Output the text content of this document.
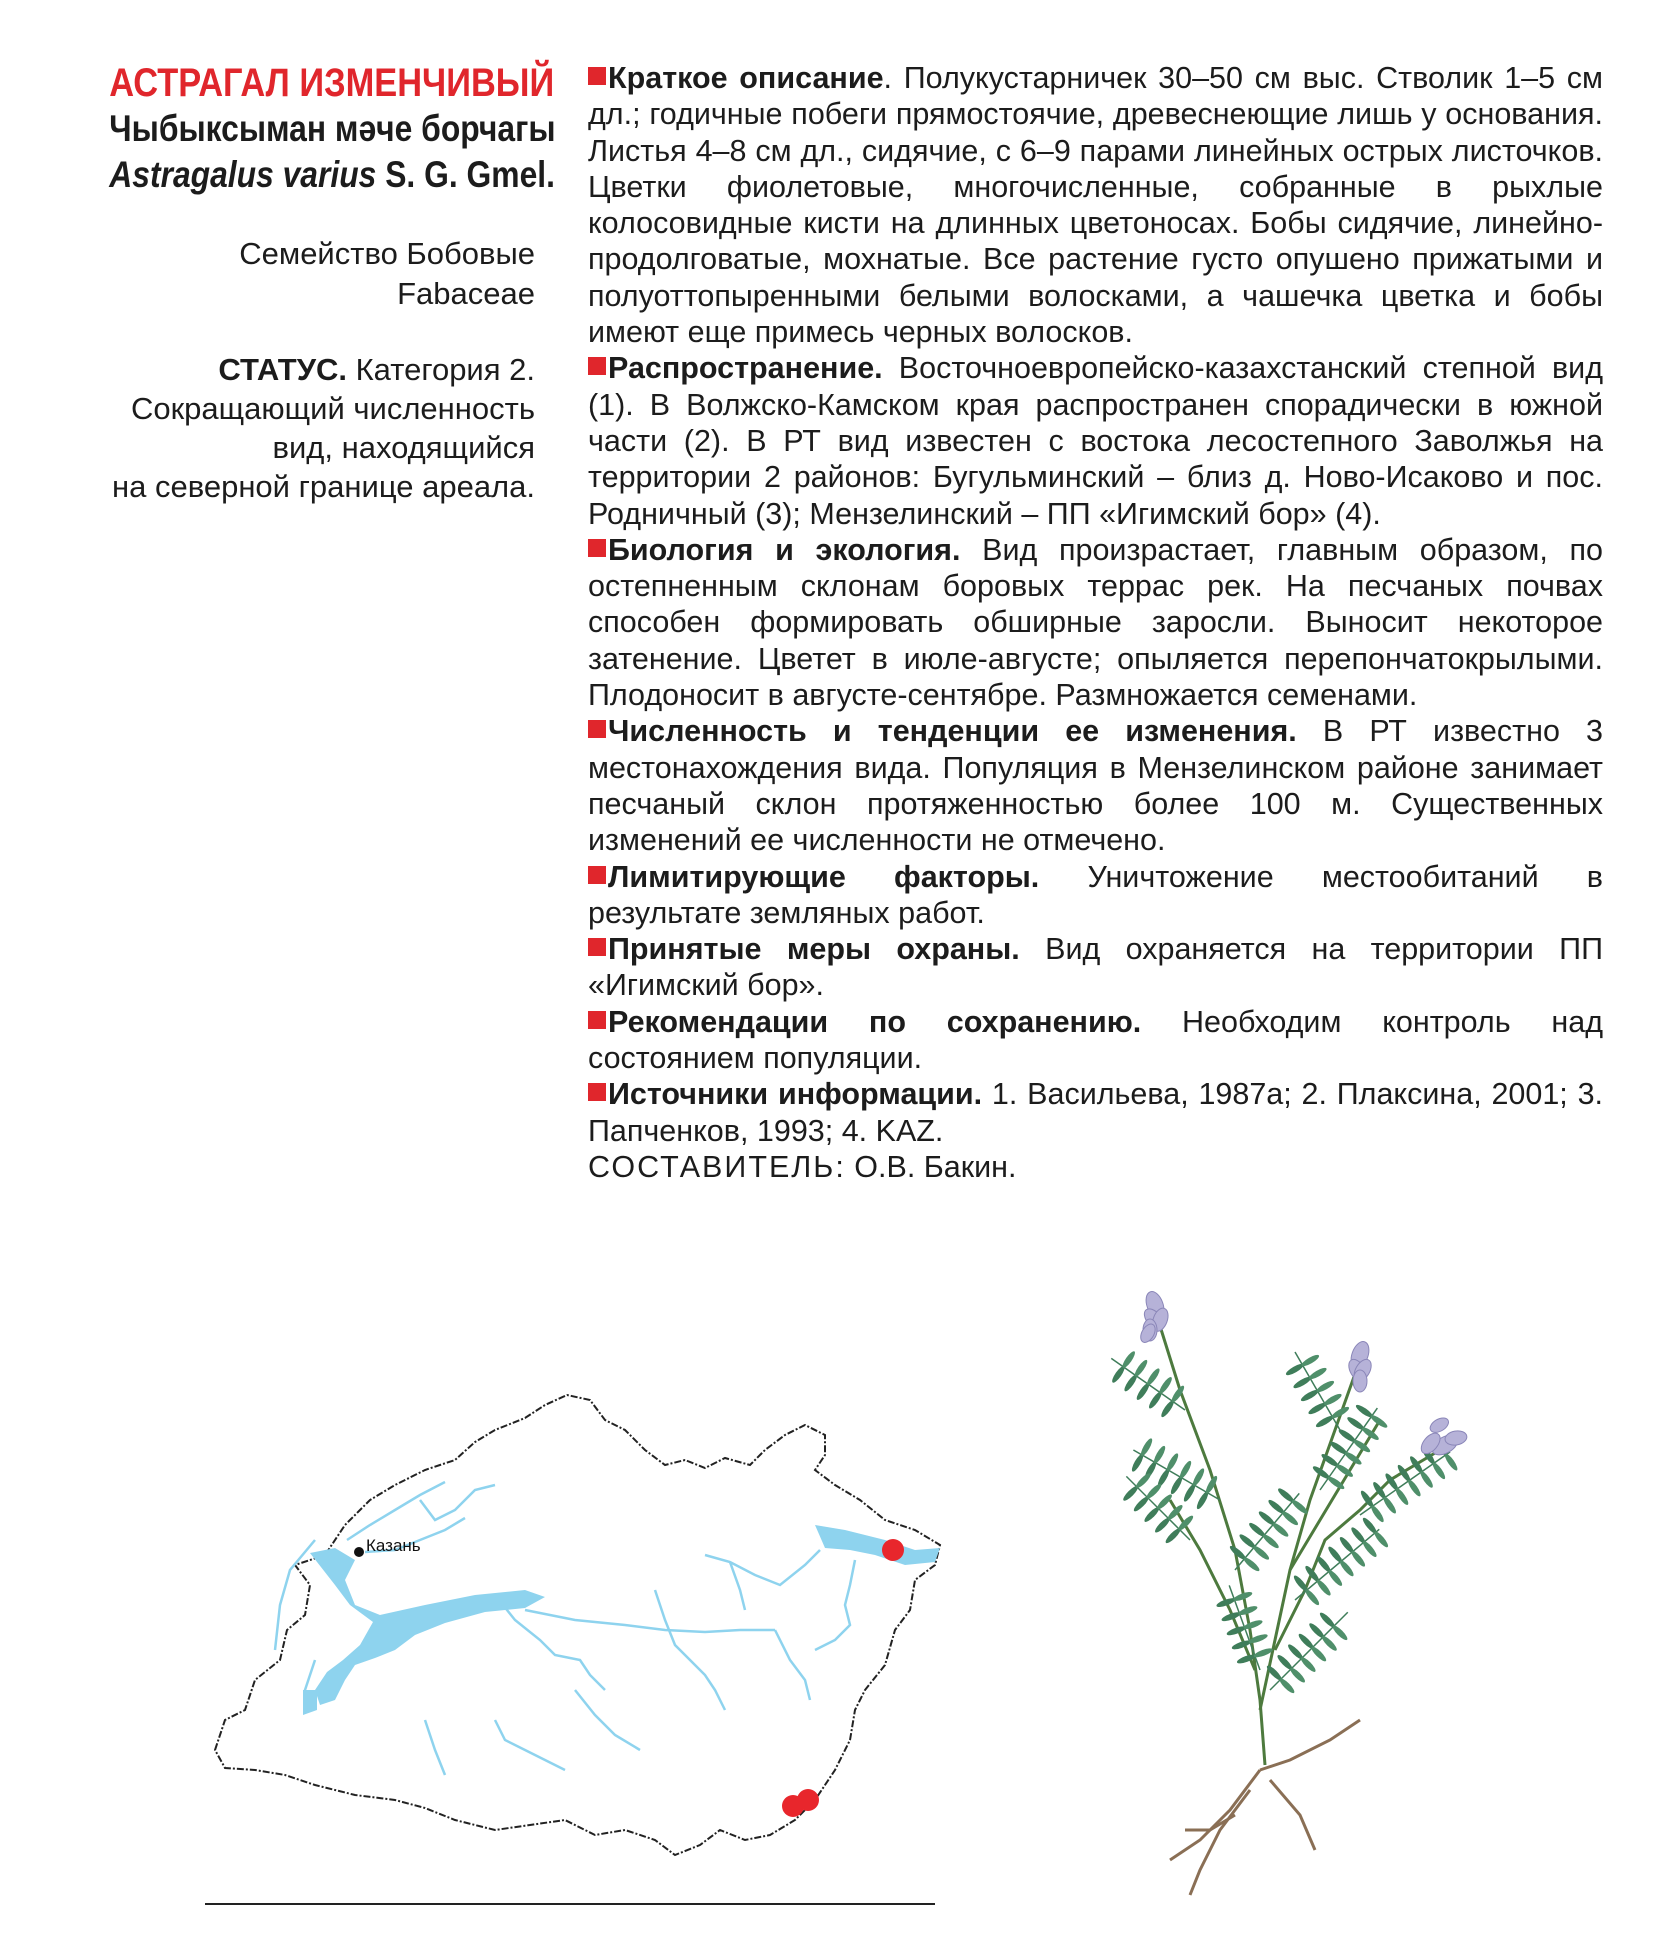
АСТРАГАЛ ИЗМЕНЧИВЫЙ
Чыбыксыман мәче борчагы
Astragalus varius S. G. Gmel.
Семейство Бобовые
Fabaceae
СТАТУС. Категория 2.
Сокращающий численность
вид, находящийся
на северной границе ареала.

Краткое описание. Полукустарничек 30–50 см выс. Стволик 1–5 см дл.; годичные побеги прямостоячие, древеснеющие лишь у основания. Листья 4–8 см дл., сидячие, с 6–9 парами линейных острых листочков. Цветки фиолетовые, многочисленные, собранные в рыхлые колосовидные кисти на длинных цветоносах. Бобы сидячие, линейно-продолговатые, мохнатые. Все растение густо опушено прижатыми и полуоттопыренными белыми волосками, а чашечка цветка и бобы имеют еще примесь черных волосков.

Распространение. Восточноевропейско-казахстанский степной вид (1). В Волжско-Камском края распространен спорадически в южной части (2). В РТ вид известен с востока лесостепного Заволжья на территории 2 районов: Бугульминский – близ д. Ново-Исаково и пос. Родничный (3); Мензелинский – ПП «Игимский бор» (4).

Биология и экология. Вид произрастает, главным образом, по остепненным склонам боровых террас рек. На песчаных почвах способен формировать обширные заросли. Выносит некоторое затенение. Цветет в июле-августе; опыляется перепончатокрылыми. Плодоносит в августе-сентябре. Размножается семенами.

Численность и тенденции ее изменения. В РТ известно 3 местонахождения вида. Популяция в Мензелинском районе занимает песчаный склон протяженностью более 100 м. Существенных изменений ее численности не отмечено.

Лимитирующие факторы. Уничтожение местообитаний в результате земляных работ.

Принятые меры охраны. Вид охраняется на территории ПП «Игимский бор».

Рекомендации по сохранению. Необходим контроль над состоянием популяции.

Источники информации. 1. Васильева, 1987а; 2. Плаксина, 2001; 3. Папченков, 1993; 4. KAZ.

СОСТАВИТЕЛЬ: О.В. Бакин.

Казань
